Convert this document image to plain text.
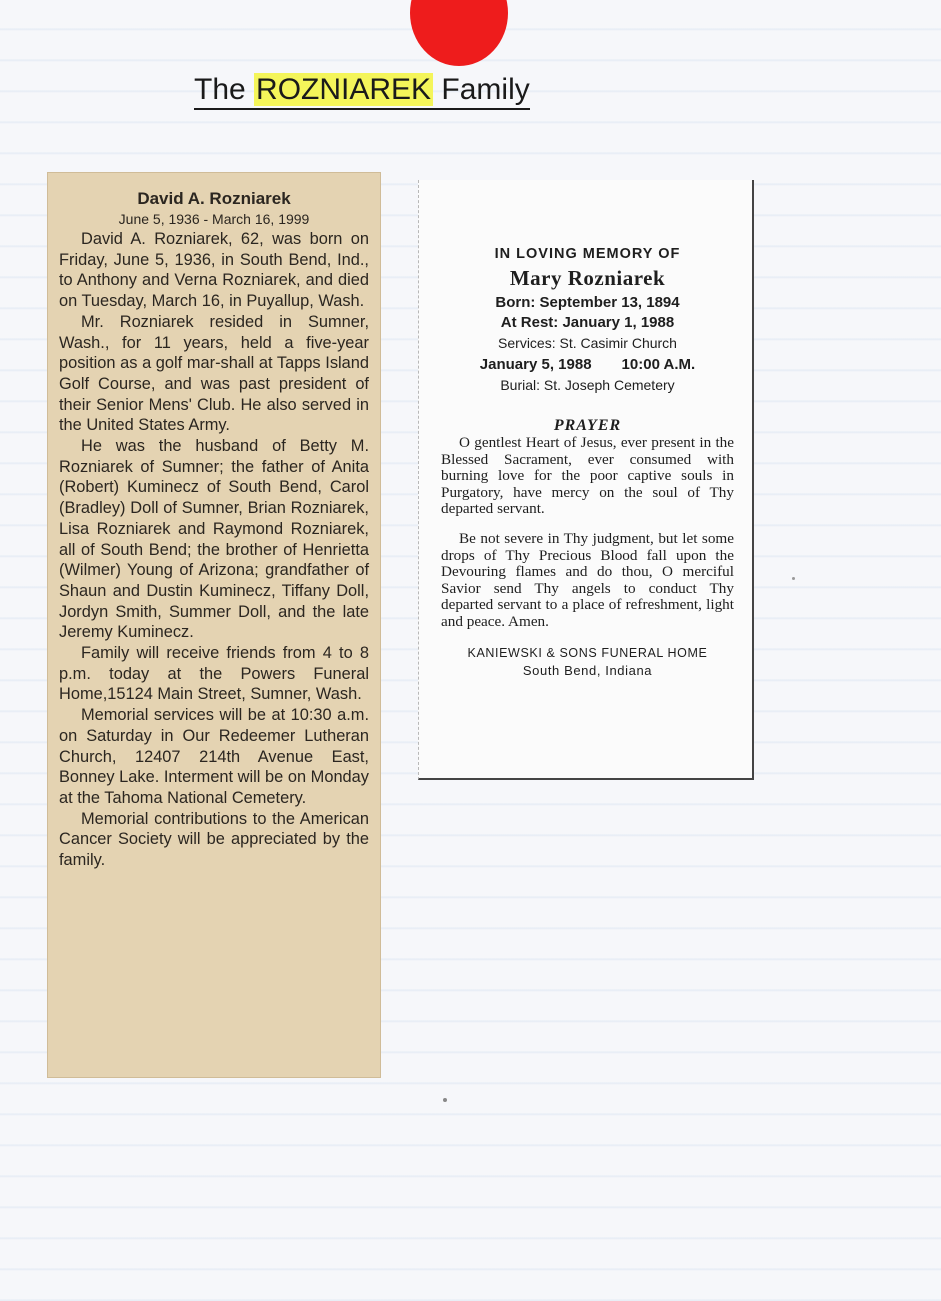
The ROZNIAREK Family

David A. Rozniarek

June 5, 1936 - March 16, 1999

David A. Rozniarek, 62, was born on Friday, June 5, 1936, in South Bend, Ind., to Anthony and Verna Rozniarek, and died on Tuesday, March 16, in Puyallup, Wash.

Mr. Rozniarek resided in Sumner, Wash., for 11 years, held a five-year position as a golf mar-shall at Tapps Island Golf Course, and was past president of their Senior Mens' Club. He also served in the United States Army.

He was the husband of Betty M. Rozniarek of Sumner; the father of Anita (Robert) Kuminecz of South Bend, Carol (Bradley) Doll of Sumner, Brian Rozniarek, Lisa Rozniarek and Raymond Rozniarek, all of South Bend; the brother of Henrietta (Wilmer) Young of Arizona; grandfather of Shaun and Dustin Kuminecz, Tiffany Doll, Jordyn Smith, Summer Doll, and the late Jeremy Kuminecz.

Family will receive friends from 4 to 8 p.m. today at the Powers Funeral Home,15124 Main Street, Sumner, Wash.

Memorial services will be at 10:30 a.m. on Saturday in Our Redeemer Lutheran Church, 12407 214th Avenue East, Bonney Lake. Interment will be on Monday at the Tahoma National Cemetery.

Memorial contributions to the American Cancer Society will be appreciated by the family.

IN LOVING MEMORY OF

Mary Rozniarek

Born: September 13, 1894

At Rest: January 1, 1988

Services: St. Casimir Church

January 5, 1988 10:00 A.M.

Burial: St. Joseph Cemetery

PRAYER

O gentlest Heart of Jesus, ever present in the Blessed Sacrament, ever consumed with burning love for the poor captive souls in Purgatory, have mercy on the soul of Thy departed servant.

Be not severe in Thy judgment, but let some drops of Thy Precious Blood fall upon the Devouring flames and do thou, O merciful Savior send Thy angels to conduct Thy departed servant to a place of refreshment, light and peace. Amen.

KANIEWSKI & SONS FUNERAL HOME

South Bend, Indiana
